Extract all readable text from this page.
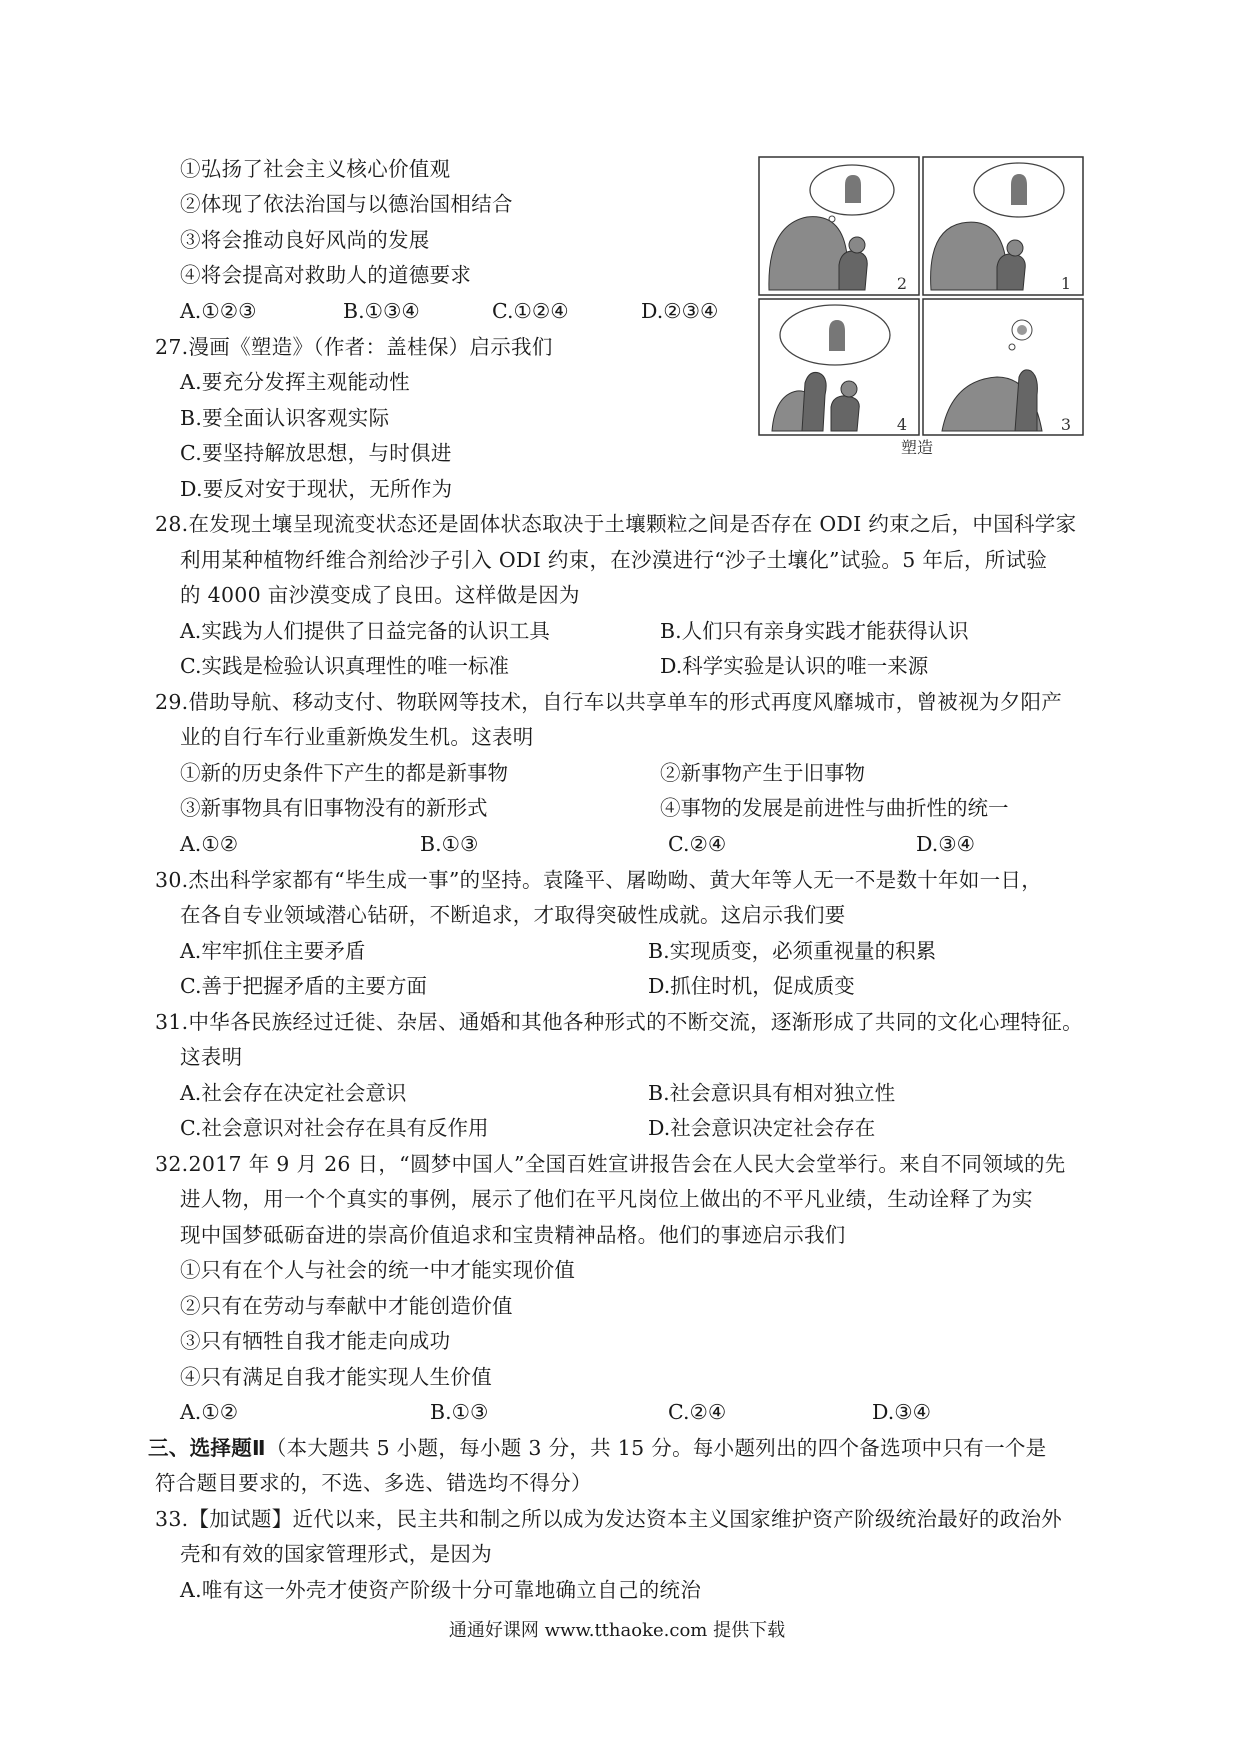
①弘扬了社会主义核心价值观
②体现了依法治国与以德治国相结合
③将会推动良好风尚的发展
④将会提高对救助人的道德要求
A.①②③	B.①③④	C.①②④	D.②③④
27.漫画《塑造》（作者：盖桂保）启示我们
A.要充分发挥主观能动性
B.要全面认识客观实际
C.要坚持解放思想，与时俱进
D.要反对安于现状，无所作为
1
3
2
4
塑造
28.在发现土壤呈现流变状态还是固体状态取决于土壤颗粒之间是否存在 ODI 约束之后，中国科学家
利用某种植物纤维合剂给沙子引入 ODI 约束，在沙漠进行“沙子土壤化”试验。5 年后，所试验
的 4000 亩沙漠变成了良田。这样做是因为
A.实践为人们提供了日益完备的认识工具	B.人们只有亲身实践才能获得认识
C.实践是检验认识真理性的唯一标准	D.科学实验是认识的唯一来源
29.借助导航、移动支付、物联网等技术，自行车以共享单车的形式再度风靡城市，曾被视为夕阳产
业的自行车行业重新焕发生机。这表明
①新的历史条件下产生的都是新事物	②新事物产生于旧事物
③新事物具有旧事物没有的新形式	④事物的发展是前进性与曲折性的统一
A.①②	B.①③	C.②④	D.③④
30.杰出科学家都有“毕生成一事”的坚持。袁隆平、屠呦呦、黄大年等人无一不是数十年如一日，
在各自专业领域潜心钻研，不断追求，才取得突破性成就。这启示我们要
A.牢牢抓住主要矛盾	B.实现质变，必须重视量的积累
C.善于把握矛盾的主要方面	D.抓住时机，促成质变
31.中华各民族经过迁徙、杂居、通婚和其他各种形式的不断交流，逐渐形成了共同的文化心理特征。
这表明
A.社会存在决定社会意识	B.社会意识具有相对独立性
C.社会意识对社会存在具有反作用	D.社会意识决定社会存在
32.2017 年 9 月 26 日，“圆梦中国人”全国百姓宣讲报告会在人民大会堂举行。来自不同领域的先
进人物，用一个个真实的事例，展示了他们在平凡岗位上做出的不平凡业绩，生动诠释了为实
现中国梦砥砺奋进的崇高价值追求和宝贵精神品格。他们的事迹启示我们
①只有在个人与社会的统一中才能实现价值
②只有在劳动与奉献中才能创造价值
③只有牺牲自我才能走向成功
④只有满足自我才能实现人生价值
A.①②	B.①③	C.②④	D.③④
三、选择题Ⅱ（本大题共 5 小题，每小题 3 分，共 15 分。每小题列出的四个备选项中只有一个是
符合题目要求的，不选、多选、错选均不得分）
33.【加试题】近代以来，民主共和制之所以成为发达资本主义国家维护资产阶级统治最好的政治外
壳和有效的国家管理形式，是因为
A.唯有这一外壳才使资产阶级十分可靠地确立自己的统治
通通好课网 www.tthaoke.com 提供下载
